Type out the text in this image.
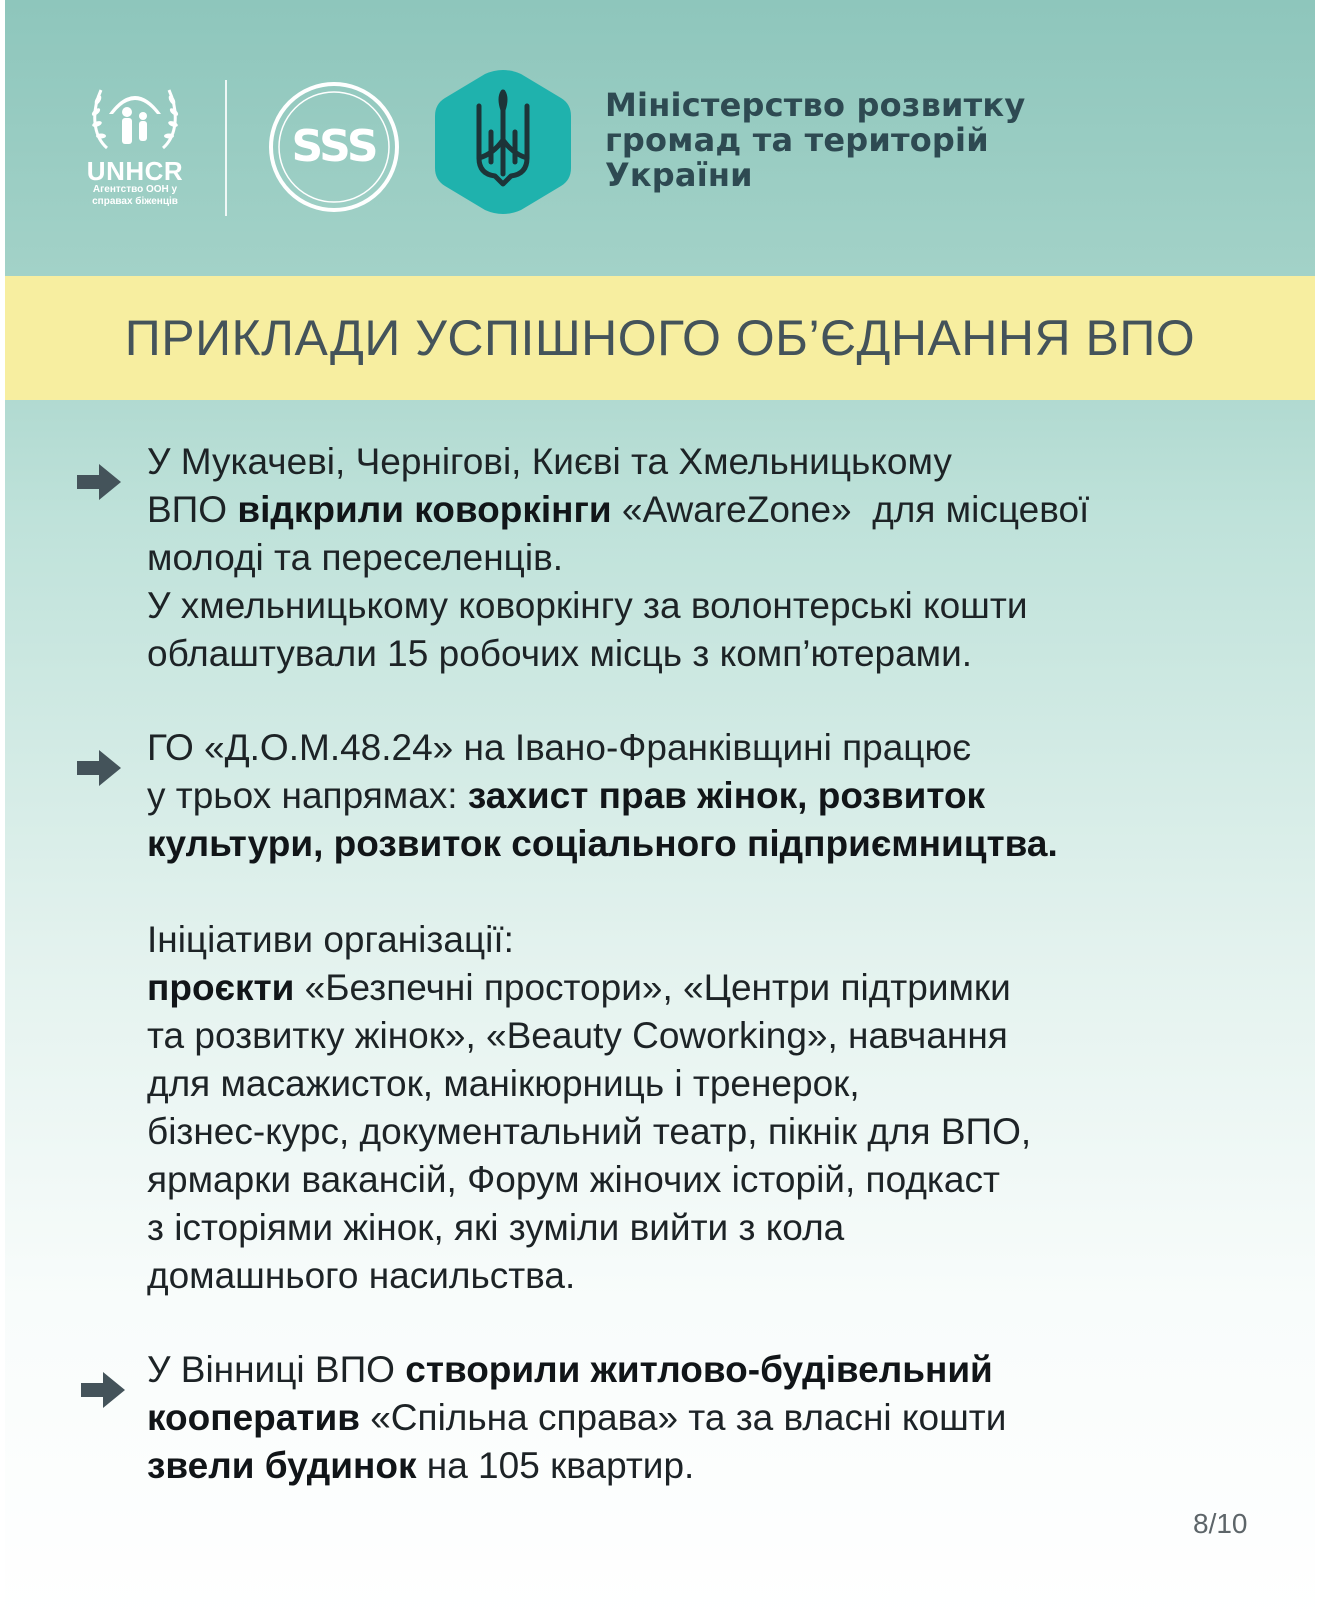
UNHCR
Агентство ООН у
справах біженців
SSS
Міністерство розвитку
громад та територій
України
ПРИКЛАДИ УСПІШНОГО ОБ’ЄДНАННЯ ВПО
У Мукачеві, Чернігові, Києві та Хмельницькому
ВПО відкрили коворкінги «AwareZone»  для місцевої
молоді та переселенців.
У хмельницькому коворкінгу за волонтерські кошти
облаштували 15 робочих місць з комп’ютерами.
ГО «Д.О.М.48.24» на Івано-Франківщині працює
у трьох напрямах: захист прав жінок, розвиток
культури, розвиток соціального підприємництва.
Ініціативи організації:
проєкти «Безпечні простори», «Центри підтримки
та розвитку жінок», «Beauty Coworking», навчання
для масажисток, манікюрниць і тренерок,
бізнес-курс, документальний театр, пікнік для ВПО,
ярмарки вакансій, Форум жіночих історій, подкаст
з історіями жінок, які зуміли вийти з кола
домашнього насильства.
У Вінниці ВПО створили житлово-будівельний
кооператив «Спільна справа» та за власні кошти
звели будинок на 105 квартир.
8/10
